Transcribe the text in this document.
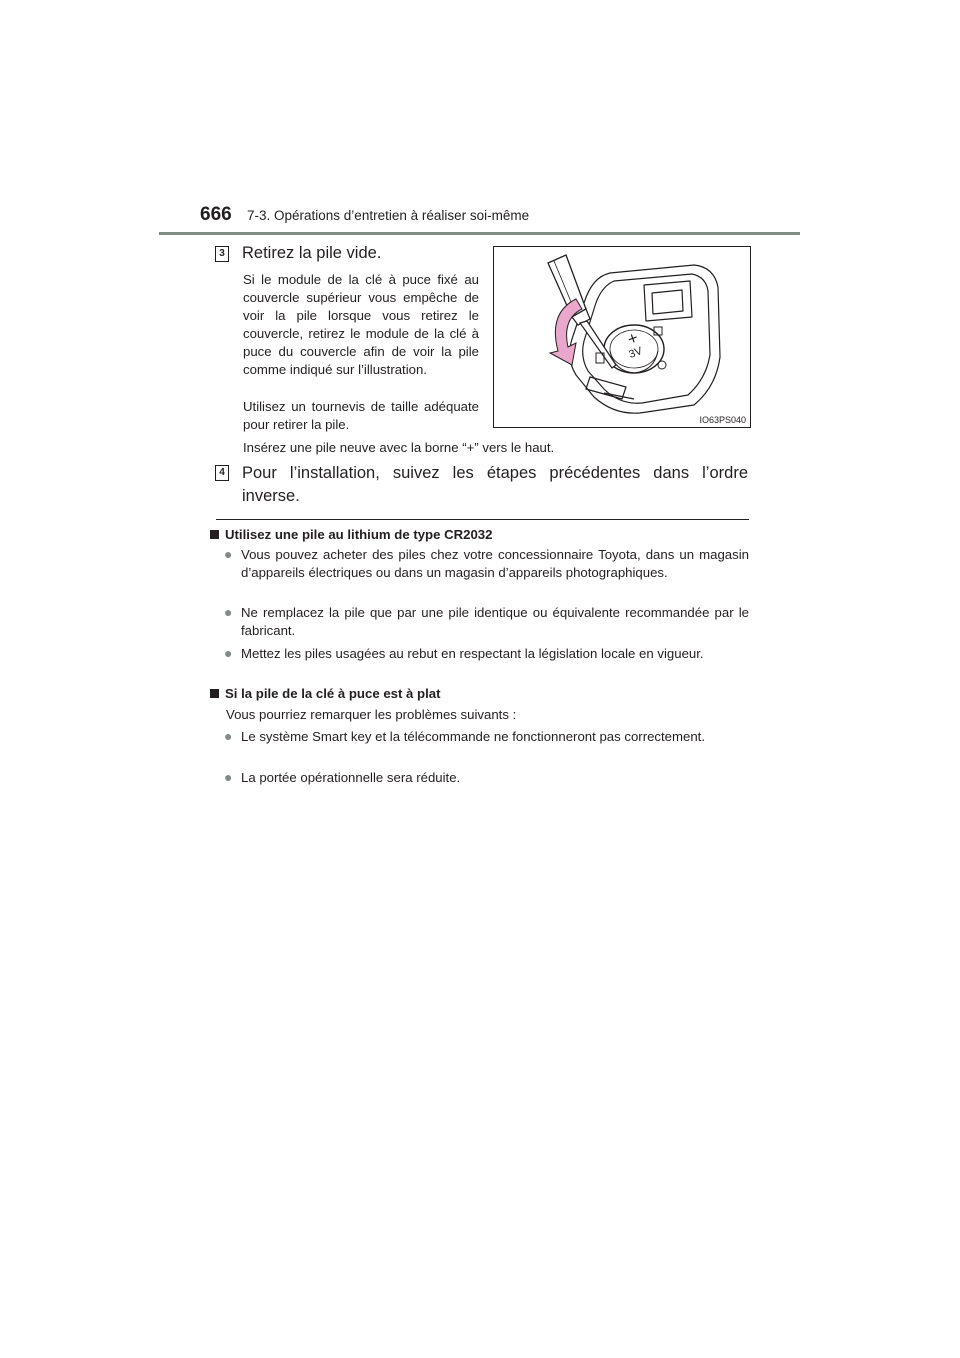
666 7-3. Opérations d’entretien à réaliser soi-même
3 Retirez la pile vide.
Si le module de la clé à puce fixé au couvercle supérieur vous empêche de voir la pile lorsque vous retirez le couvercle, retirez le module de la clé à puce du couvercle afin de voir la pile comme indiqué sur l’illustration.
Utilisez un tournevis de taille adéquate pour retirer la pile.
Insérez une pile neuve avec la borne “+” vers le haut.
+
3V
IO63PS040
4 Pour l’installation, suivez les étapes précédentes dans l’ordre inverse.
Utilisez une pile au lithium de type CR2032
● Vous pouvez acheter des piles chez votre concessionnaire Toyota, dans un magasin d’appareils électriques ou dans un magasin d’appareils photographiques.
● Ne remplacez la pile que par une pile identique ou équivalente recommandée par le fabricant.
● Mettez les piles usagées au rebut en respectant la législation locale en vigueur.
Si la pile de la clé à puce est à plat
Vous pourriez remarquer les problèmes suivants :
● Le système Smart key et la télécommande ne fonctionneront pas correctement.
● La portée opérationnelle sera réduite.
